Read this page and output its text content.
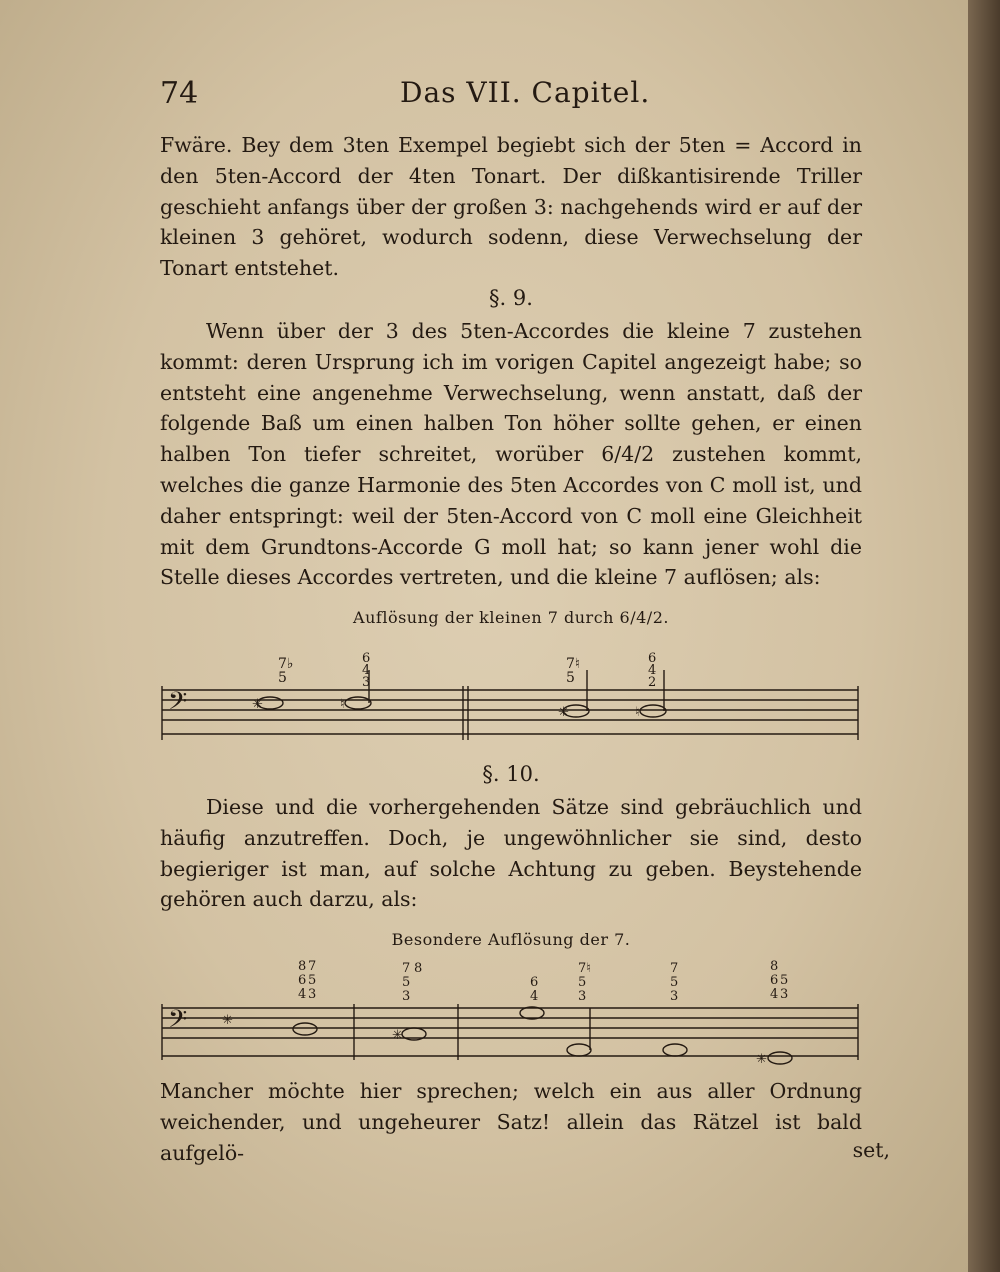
74	Das VII. Capitel.

Fwäre. Bey dem 3ten Exempel begiebt sich der 5ten = Accord in den 5ten-Accord der 4ten Tonart. Der dißkantisirende Triller geschieht anfangs über der großen 3: nachgehends wird er auf der kleinen 3 gehöret, wodurch sodenn, diese Verwechselung der Tonart entstehet.

§. 9.

Wenn über der 3 des 5ten-Accordes die kleine 7 zustehen kommt: deren Ursprung ich im vorigen Capitel angezeigt habe; so entsteht eine angenehme Verwechselung, wenn anstatt, daß der folgende Baß um einen halben Ton höher sollte gehen, er einen halben Ton tiefer schreitet, worüber 6/4/2 zustehen kommt, welches die ganze Harmonie des 5ten Accordes von C moll ist, und daher entspringt: weil der 5ten-Accord von C moll eine Gleichheit mit dem Grundtons-Accorde G moll hat; so kann jener wohl die Stelle dieses Accordes vertreten, und die kleine 7 auflösen; als:

Auflösung der kleinen 7 durch 6/4/2.
𝄢	✳	♮
✳	♮
7♭
5
6
4
3
7♮
5
6
4
2
§. 10.

Diese und die vorhergehenden Sätze sind gebräuchlich und häufig anzutreffen. Doch, je ungewöhnlicher sie sind, desto begieriger ist man, auf solche Achtung zu geben. Beystehende gehören auch darzu, als:

Besondere Auflösung der 7.
𝄢	✳
✳
✳
8 7
6 5
4 3
7 8
5
3
6
4
7♮
5
3
7
5
3
8
6 5
4 3

Mancher möchte hier sprechen; welch ein aus aller Ordnung weichender, und ungeheurer Satz! allein das Rätzel ist bald aufgelö-	set,
